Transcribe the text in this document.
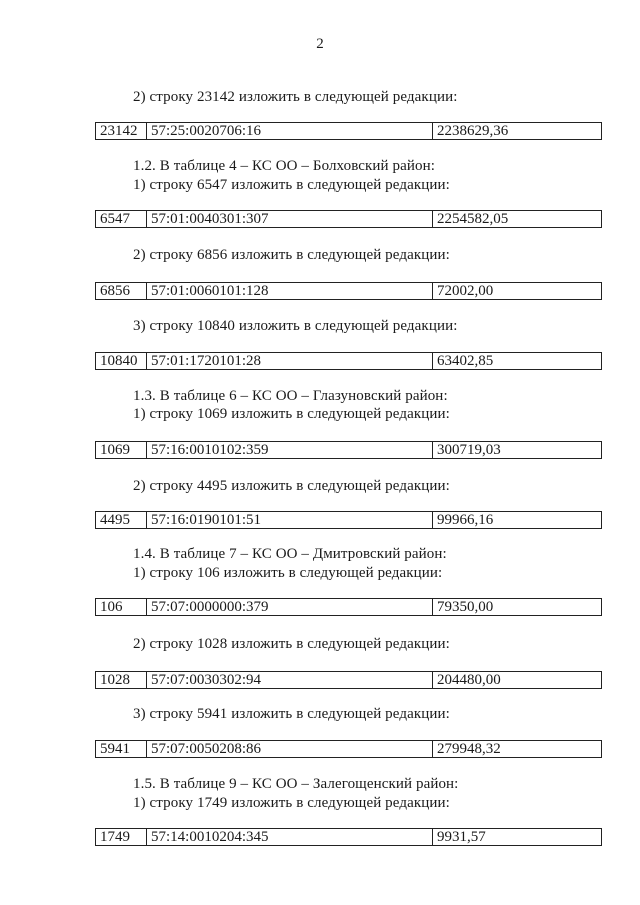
2
2) строку 23142 изложить в следующей редакции:
23142 57:25:0020706:16	2238629,36
1.2. В таблице 4 – КС ОО – Болховский район:
1) строку 6547 изложить в следующей редакции:
6547	57:01:0040301:307	2254582,05
2) строку 6856 изложить в следующей редакции:
6856	57:01:0060101:128	72002,00
3) строку 10840 изложить в следующей редакции:
10840 57:01:1720101:28	63402,85
1.3. В таблице 6 – КС ОО – Глазуновский район:
1) строку 1069 изложить в следующей редакции:
1069	57:16:0010102:359	300719,03
2) строку 4495 изложить в следующей редакции:
4495	57:16:0190101:51	99966,16
1.4. В таблице 7 – КС ОО – Дмитровский район:
1) строку 106 изложить в следующей редакции:
106	57:07:0000000:379	79350,00
2) строку 1028 изложить в следующей редакции:
1028	57:07:0030302:94	204480,00
3) строку 5941 изложить в следующей редакции:
5941	57:07:0050208:86	279948,32
1.5. В таблице 9 – КС ОО – Залегощенский район:
1) строку 1749 изложить в следующей редакции:
1749	57:14:0010204:345	9931,57
